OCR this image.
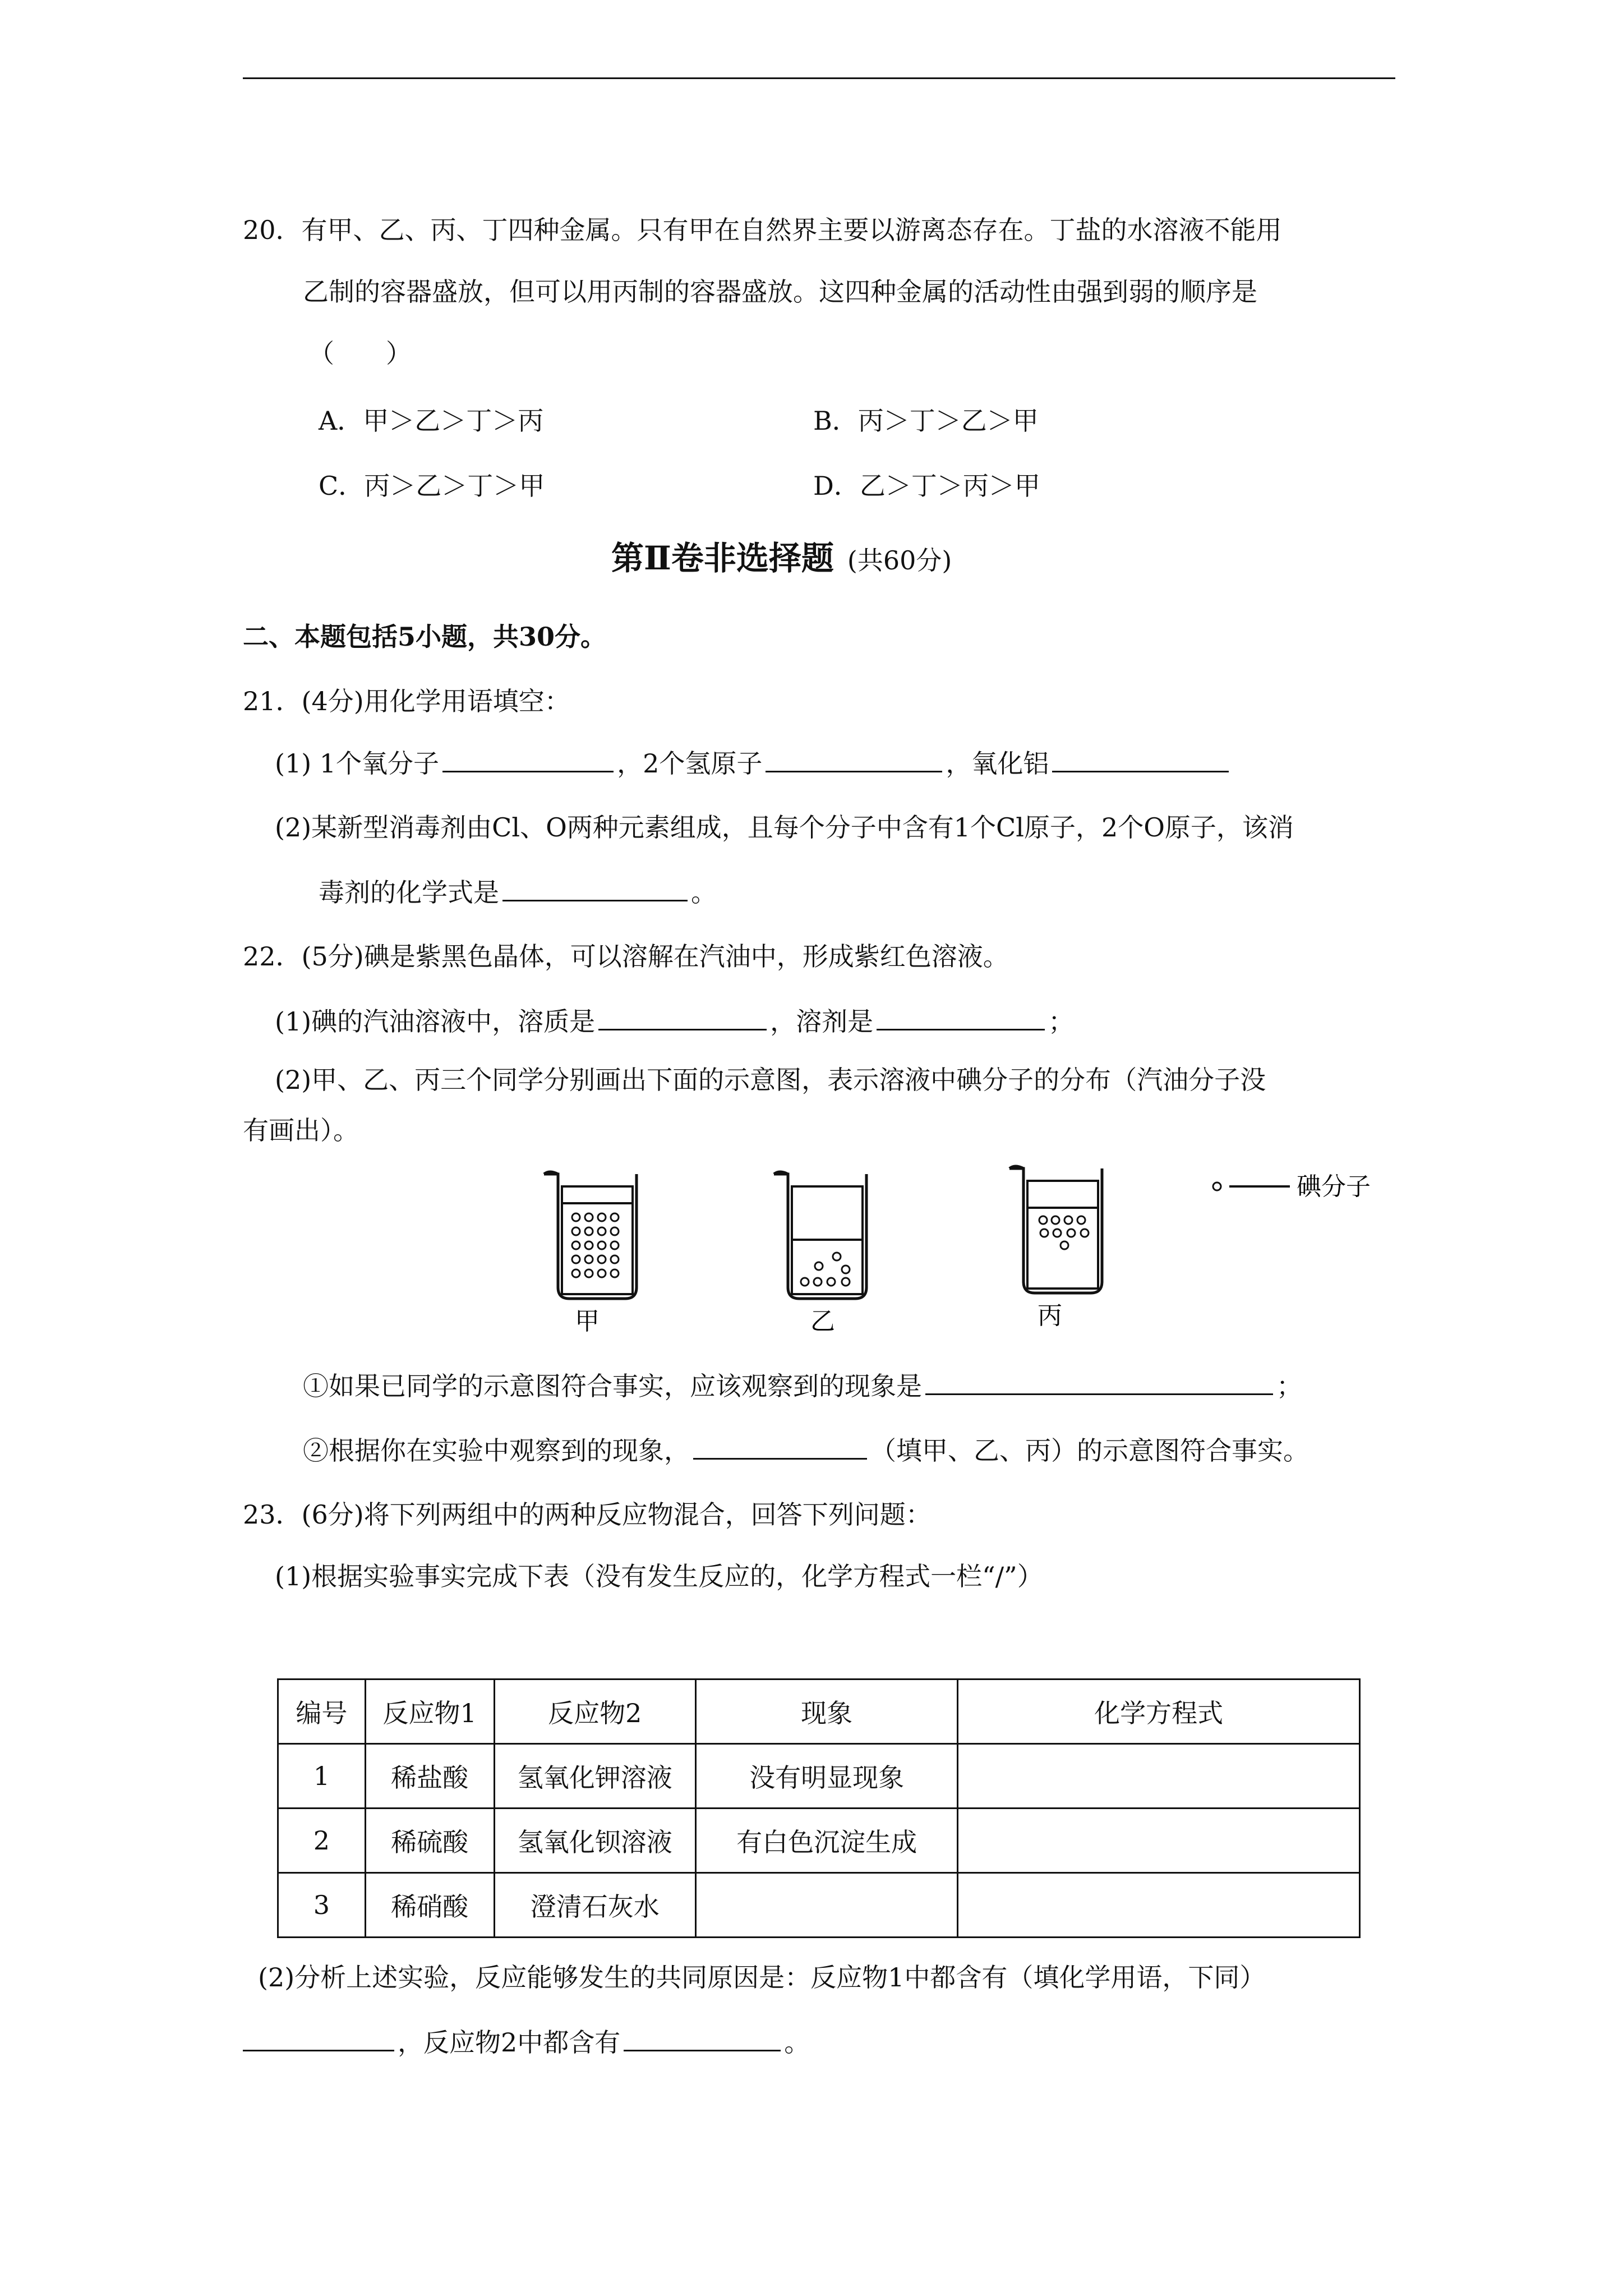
20．有甲、乙、丙、丁四种金属。只有甲在自然界主要以游离态存在。丁盐的水溶液不能用
乙制的容器盛放，但可以用丙制的容器盛放。这四种金属的活动性由强到弱的顺序是
（　　）
A．甲＞乙＞丁＞丙	B．丙＞丁＞乙＞甲
C．丙＞乙＞丁＞甲	D．乙＞丁＞丙＞甲
第Ⅱ卷非选择题 (共60分)
二、本题包括5小题，共30分。
21．(4分)用化学用语填空：
(1) 1个氧分子	，2个氢原子	，氧化铝
(2)某新型消毒剂由Cl、O两种元素组成，且每个分子中含有1个Cl原子，2个O原子，该消
毒剂的化学式是	。
22．(5分)碘是紫黑色晶体，可以溶解在汽油中，形成紫红色溶液。
(1)碘的汽油溶液中，溶质是	，溶剂是	；
(2)甲、乙、丙三个同学分别画出下面的示意图，表示溶液中碘分子的分布（汽油分子没
有画出）。
碘分子
甲	乙	丙
①如果已同学的示意图符合事实，应该观察到的现象是	；
②根据你在实验中观察到的现象，	（填甲、乙、丙）的示意图符合事实。
23．(6分)将下列两组中的两种反应物混合，回答下列问题：
(1)根据实验事实完成下表（没有发生反应的，化学方程式一栏“/”）
编号	反应物1	反应物2	现象	化学方程式
1	稀盐酸	氢氧化钾溶液	没有明显现象	
2	稀硫酸	氢氧化钡溶液	有白色沉淀生成	
3	稀硝酸	澄清石灰水		
(2)分析上述实验，反应能够发生的共同原因是：反应物1中都含有（填化学用语，下同）
，反应物2中都含有	。
